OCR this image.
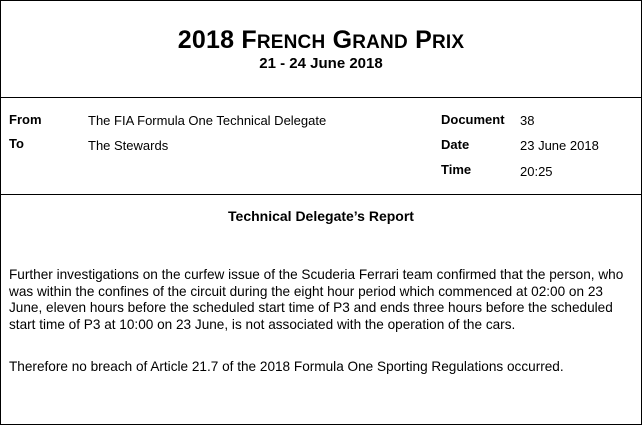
2018 FRENCH GRAND PRIX
21 - 24 June 2018
From	The FIA Formula One Technical Delegate
To	The Stewards
Document 38
Date	23 June 2018
Time	20:25
Technical Delegate’s Report

Further investigations on the curfew issue of the Scuderia Ferrari team confirmed that the person, who was within the confines of the circuit during the eight hour period which commenced at 02:00 on 23 June, eleven hours before the scheduled start time of P3 and ends three hours before the scheduled start time of P3 at 10:00 on 23 June, is not associated with the operation of the cars.

Therefore no breach of Article 21.7 of the 2018 Formula One Sporting Regulations occurred.
